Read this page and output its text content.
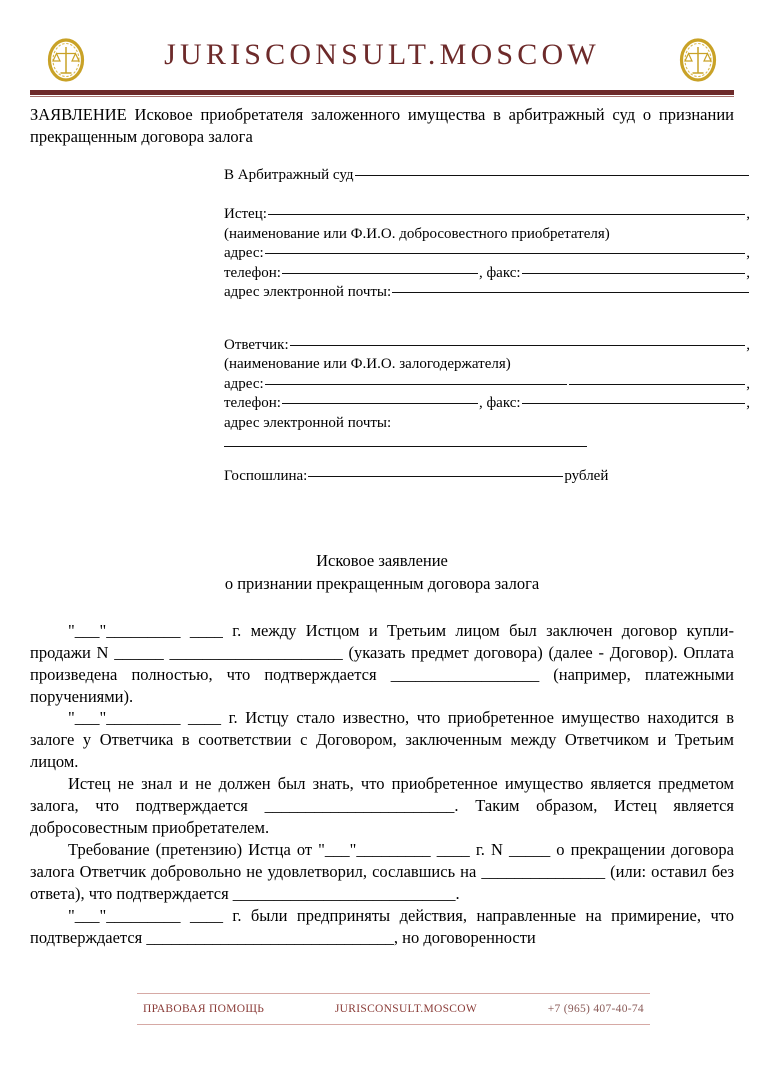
JURISCONSULT.MOSCOW
ЗАЯВЛЕНИЕ Исковое приобретателя заложенного имущества в арбитражный суд о признании прекращенным договора залога
В Арбитражный суд
Истец:	,
(наименование или Ф.И.О. добросовестного приобретателя)
адрес:	,
телефон:	, факс:	,
адрес электронной почты:
Ответчик:	,
(наименование или Ф.И.О. залогодержателя)
адрес:	,
телефон:	, факс:	,
адрес электронной почты:
Госпошлина:	рублей
Исковое заявление
о признании прекращенным договора залога

"___"_________ ____ г. между Истцом и Третьим лицом был заключен договор купли-продажи N ______ _____________________ (указать предмет договора) (далее - Договор). Оплата произведена полностью, что подтверждается __________________ (например, платежными поручениями).

"___"_________ ____ г. Истцу стало известно, что приобретенное имущество находится в залоге у Ответчика в соответствии с Договором, заключенным между Ответчиком и Третьим лицом.

Истец не знал и не должен был знать, что приобретенное имущество является предметом залога, что подтверждается _______________________. Таким образом, Истец является добросовестным приобретателем.

Требование (претензию) Истца от "___"_________ ____ г. N _____ о прекращении договора залога Ответчик добровольно не удовлетворил, сославшись на _______________ (или: оставил без ответа), что подтверждается ___________________________.

"___"_________ ____ г. были предприняты действия, направленные на примирение, что подтверждается ______________________________, но договоренности

ПРАВОВАЯ ПОМОЩЬ	JURISCONSULT.MOSCOW	+7 (965) 407-40-74
